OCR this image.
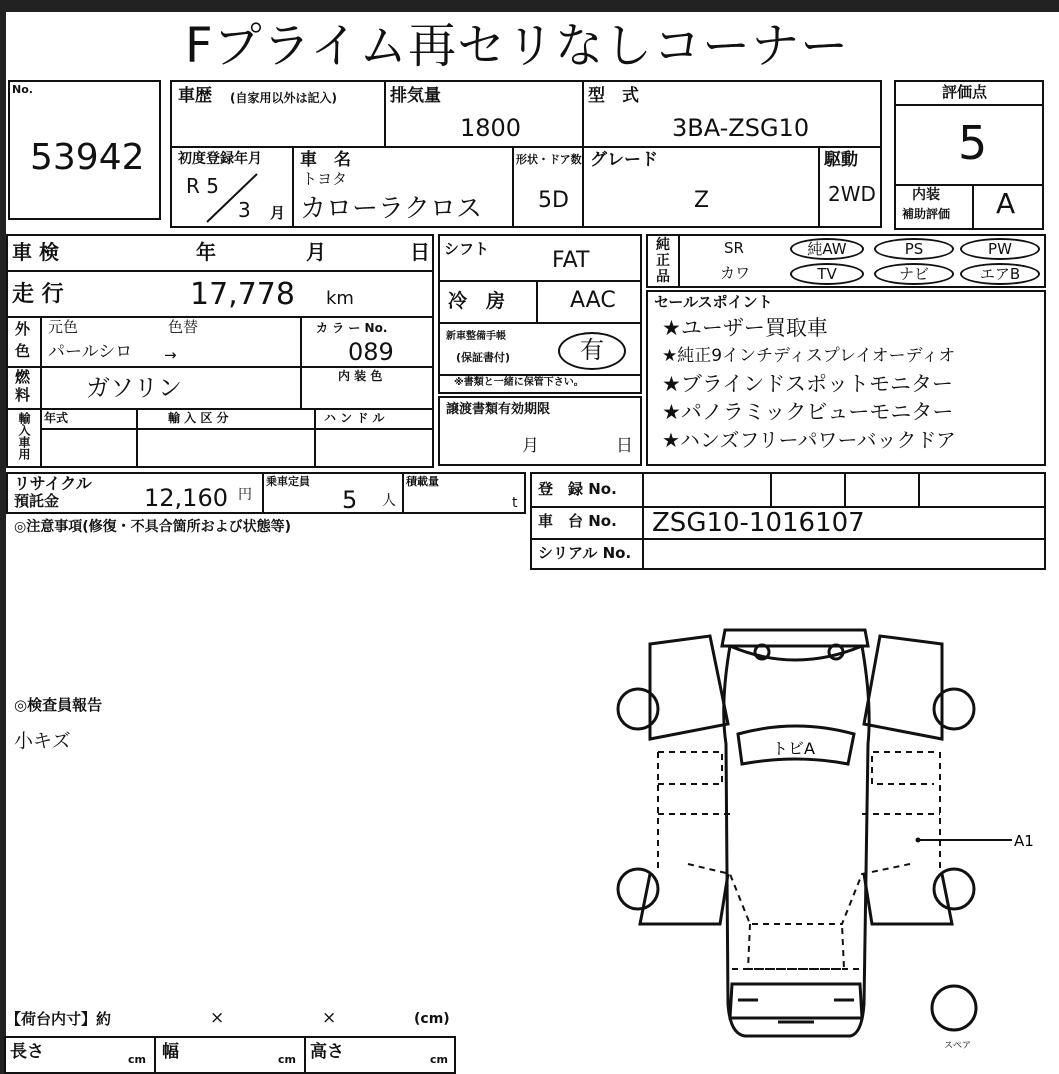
Fプライム再セリなしコーナー
No.
53942
車歴 (自家用以外は記入)	排気量
1800
型　式
3BA-ZSG10
初度登録年月
R 5
3 月
車　名
トヨタ
カローラクロス
形状・ドア数
5D
グレード
Z
駆動
2WD
評価点
5
内装
補助評価 A
車 検	年	月	日
走 行	17,778 km
外
色
元色	色替
パールシロ →
カ ラ ー No.
089
燃
料 ガソリン	内 装 色
輸入車用 年式	輸 入 区 分	ハ ン ド ル
シフト	FAT
冷　房	AAC
新車整備手帳
(保証書付)	有
※書類と一緒に保管下さい。
譲渡書類有効期限
月	日
純
正
品
SR	純AW	PS	PW
カワ	TV	ナビ	エアB
セールスポイント
★ユーザー買取車
★純正9インチディスプレイオーディオ
★ブラインドスポットモニター
★パノラミックビューモニター
★ハンズフリーパワーバックドア
リサイクル
預託金	12,160 円
乗車定員
5 人
積載量
t
◎注意事項(修復・不具合箇所および状態等)
登　録 No.
車　台 No. ZSG10-1016107
シリアル No.
◎検査員報告
小キズ	トビA
A1
スペア
【荷台内寸】約	×	×	(cm)
長さ	cm 幅	cm 高さ	cm
